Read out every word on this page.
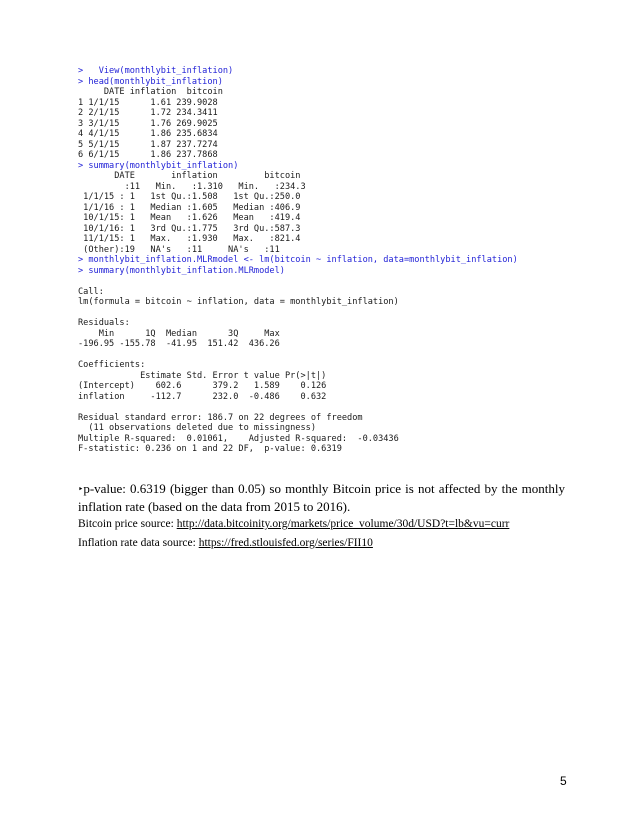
>   View(monthlybit_inflation)
> head(monthlybit_inflation)
DATE inflation  bitcoin
1 1/1/15      1.61 239.9028
2 2/1/15      1.72 234.3411
3 3/1/15      1.76 269.9025
4 4/1/15      1.86 235.6834
5 5/1/15      1.87 237.7274
6 6/1/15      1.86 237.7868
> summary(monthlybit_inflation)
DATE       inflation         bitcoin
:11   Min.   :1.310   Min.   :234.3
1/1/15 : 1   1st Qu.:1.508   1st Qu.:250.0
1/1/16 : 1   Median :1.605   Median :406.9
10/1/15: 1   Mean   :1.626   Mean   :419.4
10/1/16: 1   3rd Qu.:1.775   3rd Qu.:587.3
11/1/15: 1   Max.   :1.930   Max.   :821.4
(Other):19   NA's   :11     NA's   :11
> monthlybit_inflation.MLRmodel <- lm(bitcoin ~ inflation, data=monthlybit_inflation)
> summary(monthlybit_inflation.MLRmodel)
Call:
lm(formula = bitcoin ~ inflation, data = monthlybit_inflation)
Residuals:
Min      1Q  Median      3Q     Max
-196.95 -155.78  -41.95  151.42  436.26
Coefficients:
Estimate Std. Error t value Pr(>|t|)
(Intercept)    602.6      379.2   1.589    0.126
inflation     -112.7      232.0  -0.486    0.632
Residual standard error: 186.7 on 22 degrees of freedom
(11 observations deleted due to missingness)
Multiple R-squared:  0.01061,    Adjusted R-squared:  -0.03436
F-statistic: 0.236 on 1 and 22 DF,  p-value: 0.6319

‣p-value: 0.6319 (bigger than 0.05) so monthly Bitcoin price is not affected by the monthly inflation rate (based on the data from 2015 to 2016).

Bitcoin price source: http://data.bitcoinity.org/markets/price_volume/30d/USD?t=lb&vu=curr

Inflation rate data source: https://fred.stlouisfed.org/series/FII10

5
